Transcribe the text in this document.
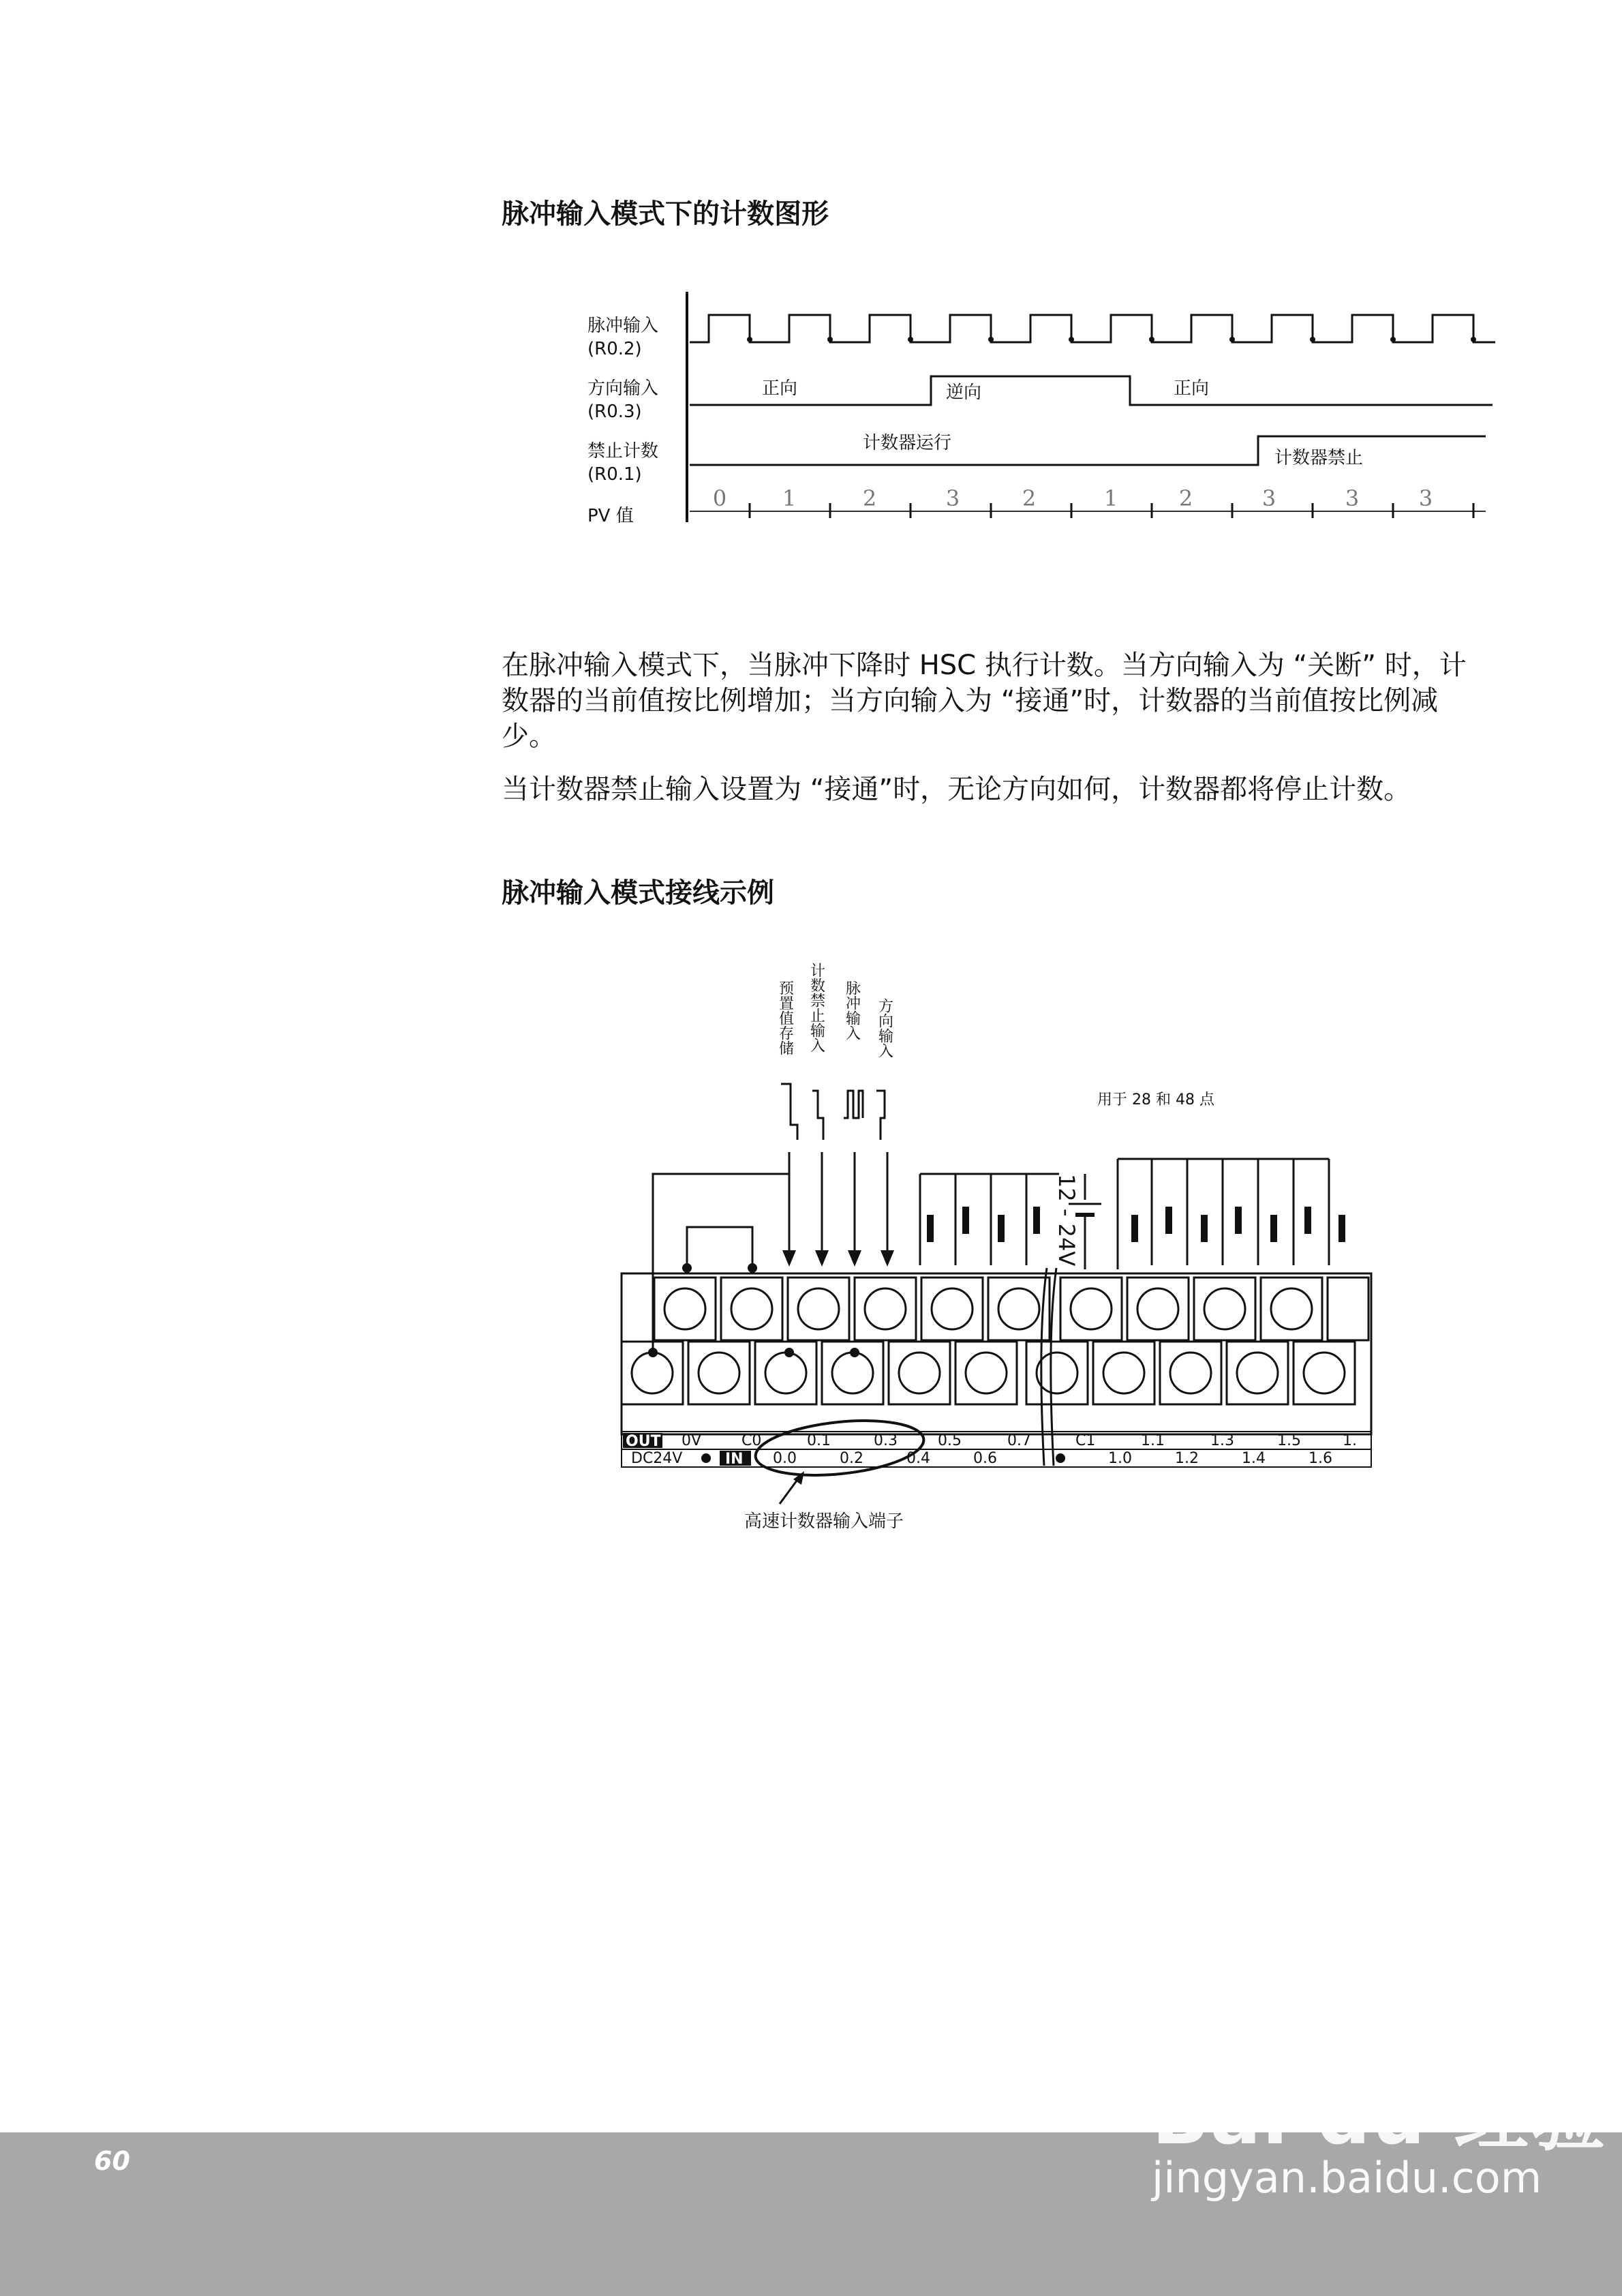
脉冲输入模式下的计数图形
脉冲输入
(R0.2)
方向输入
(R0.3)
禁止计数
(R0.1)
PV 值
正向	逆向	正向
计数器运行
计数器禁止
0	1	2	3	2	1	2	3	3	3

在脉冲输入模式下，当脉冲下降时 HSC 执行计数。当方向输入为 “关断” 时，计数器的当前值按比例增加；当方向输入为 “接通”时，计数器的当前值按比例减少。

当计数器禁止输入设置为 “接通”时，无论方向如何，计数器都将停止计数。

脉冲输入模式接线示例
预置值存储 计数禁止输入 脉冲输入 方向输入
12 - 24V
用于 28 和 48 点
OUT
IN
0V	C0	0.1	0.3	0.5	0.7	C1	1.1	1.3	1.5	1.
DC24V	0.0	0.2	0.4	0.6	1.0	1.2	1.4	1.6
高速计数器输入端子
60	Bai du 经验
jingyan.baidu.com
